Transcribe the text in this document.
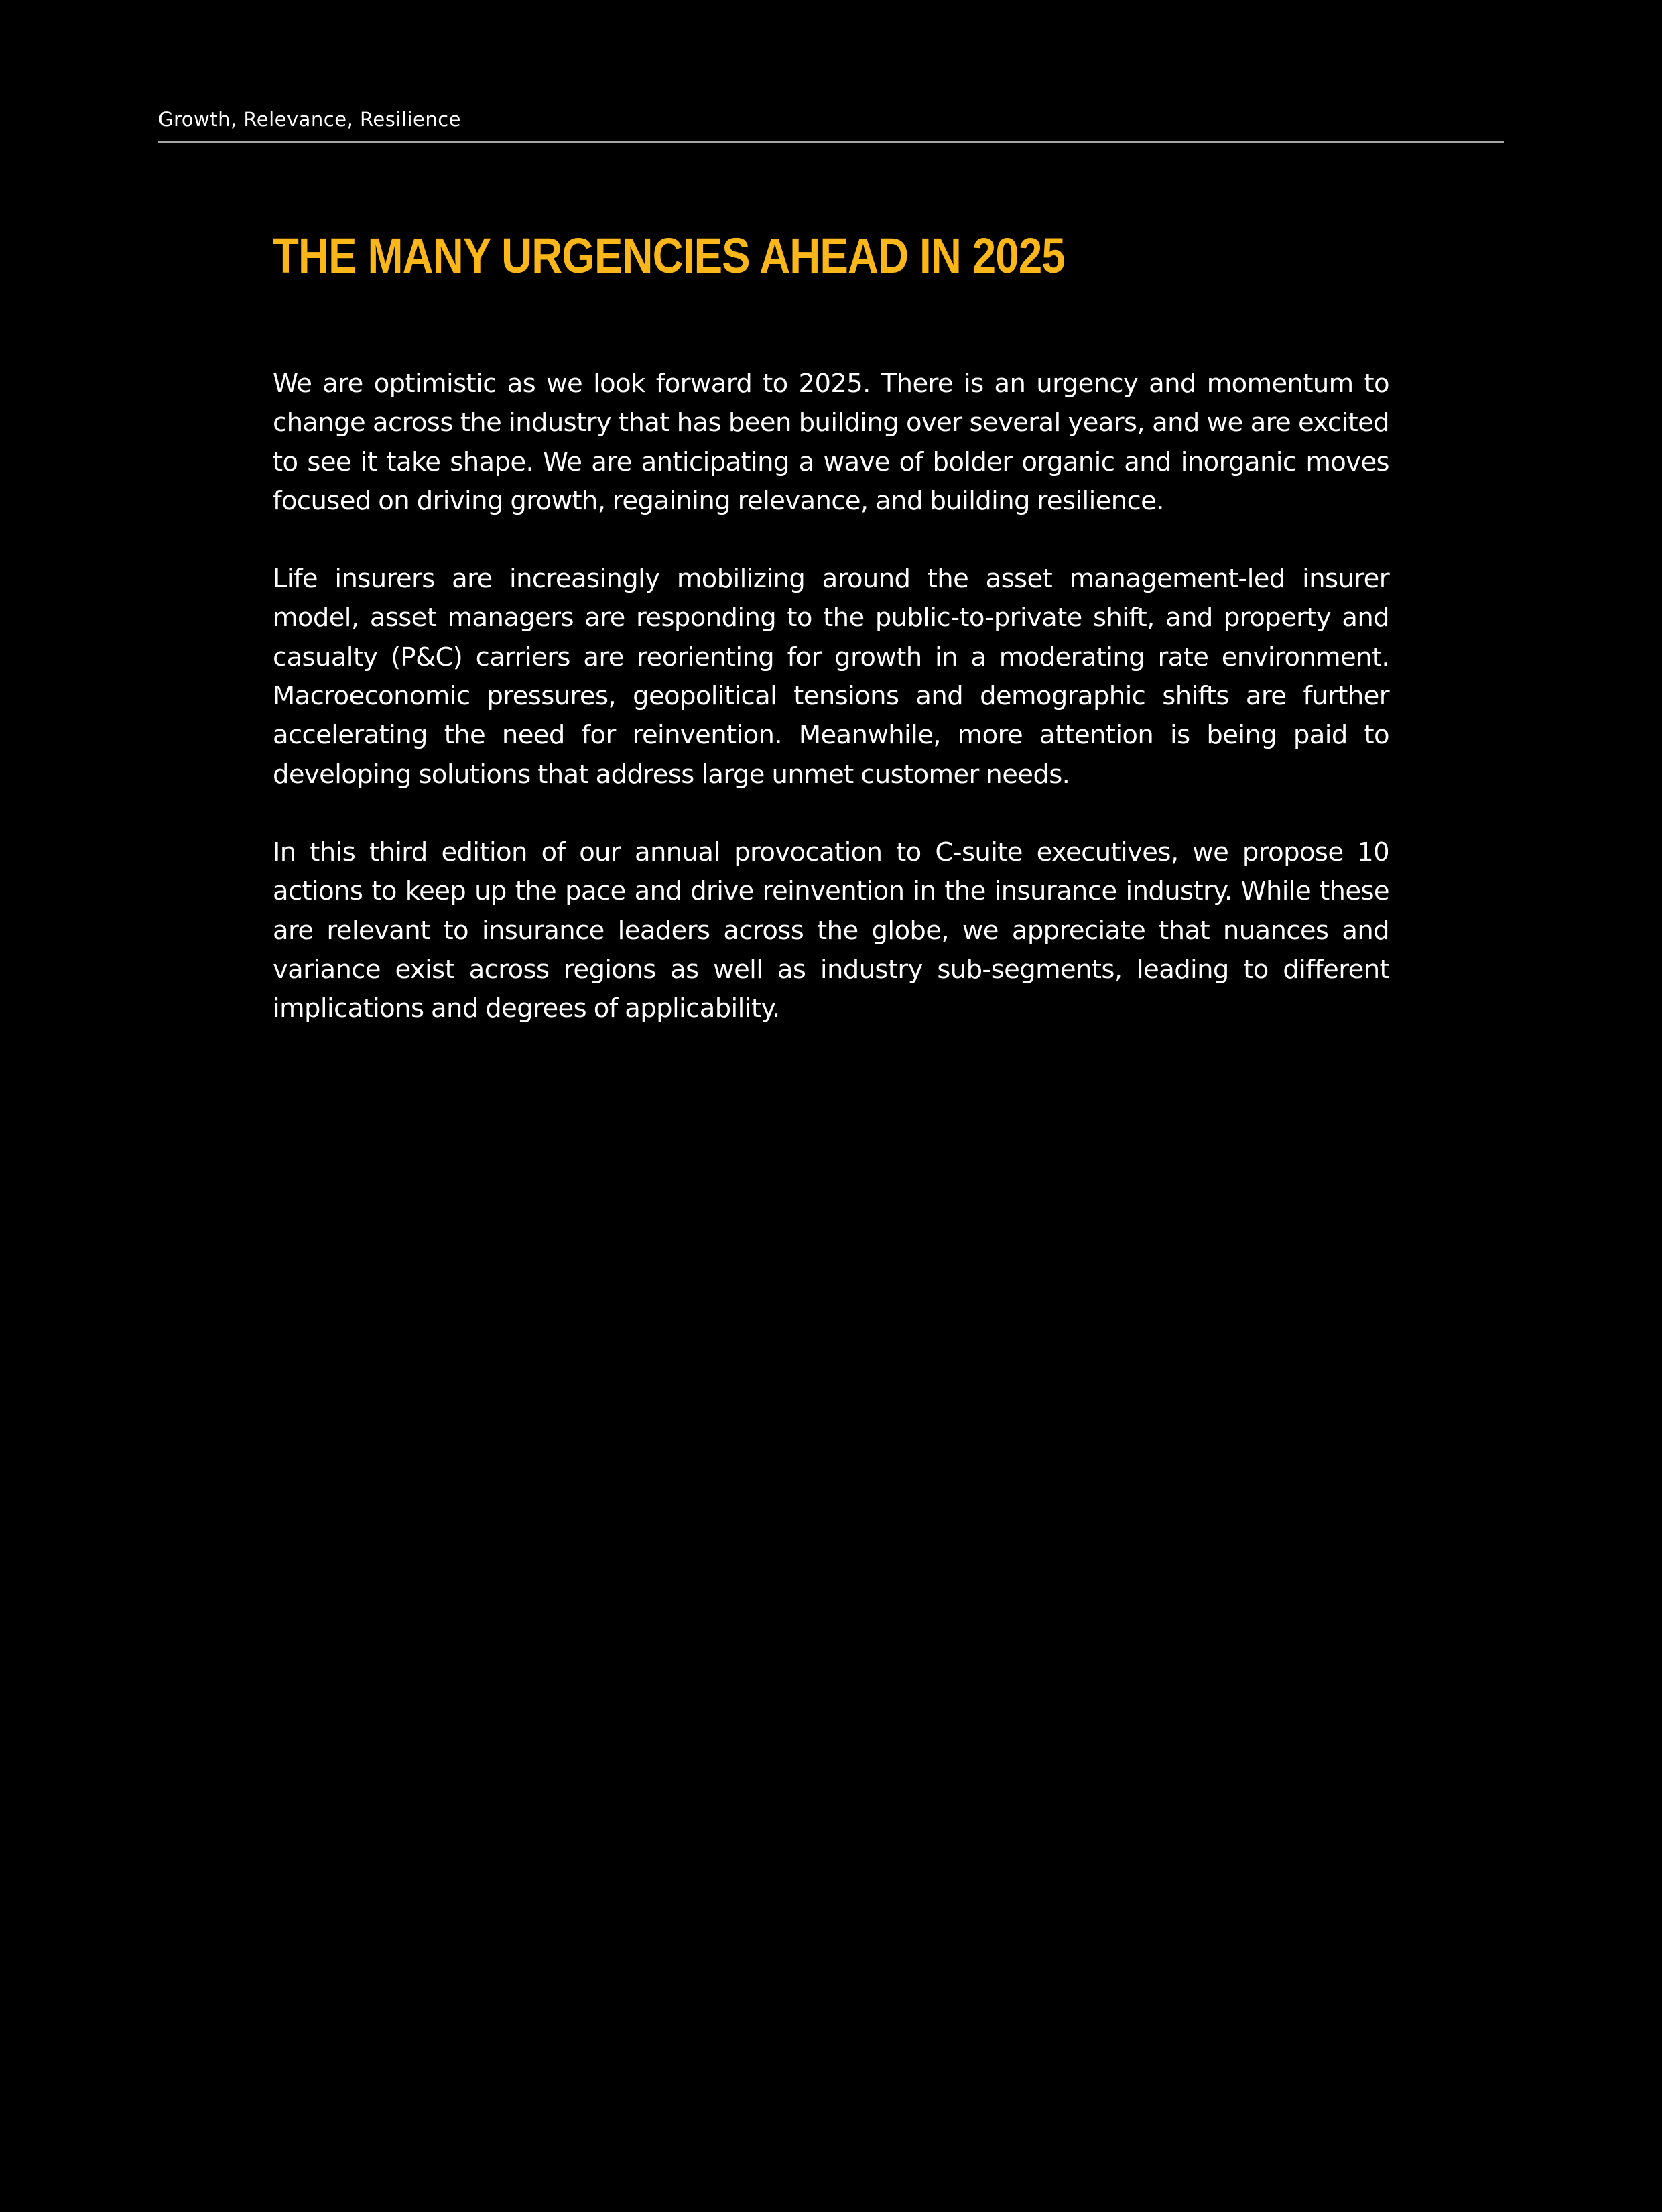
Growth, Relevance, Resilience
THE MANY URGENCIES AHEAD IN 2025

We are optimistic as we look forward to 2025. There is an urgency and momentum to change across the industry that has been building over several years, and we are excited to see it take shape. We are anticipating a wave of bolder organic and inorganic moves focused on driving growth, regaining relevance, and building resilience.

Life insurers are increasingly mobilizing around the asset management-led insurer model, asset managers are responding to the public-to-private shift, and property and casualty (P&C) carriers are reorienting for growth in a moderating rate environment. Macroeconomic pressures, geopolitical tensions and demographic shifts are further accelerating the need for reinvention. Meanwhile, more attention is being paid to developing solutions that address large unmet customer needs.

In this third edition of our annual provocation to C-suite executives, we propose 10 actions to keep up the pace and drive reinvention in the insurance industry. While these are relevant to insurance leaders across the globe, we appreciate that nuances and variance exist across regions as well as industry sub-segments, leading to different implications and degrees of applicability.
